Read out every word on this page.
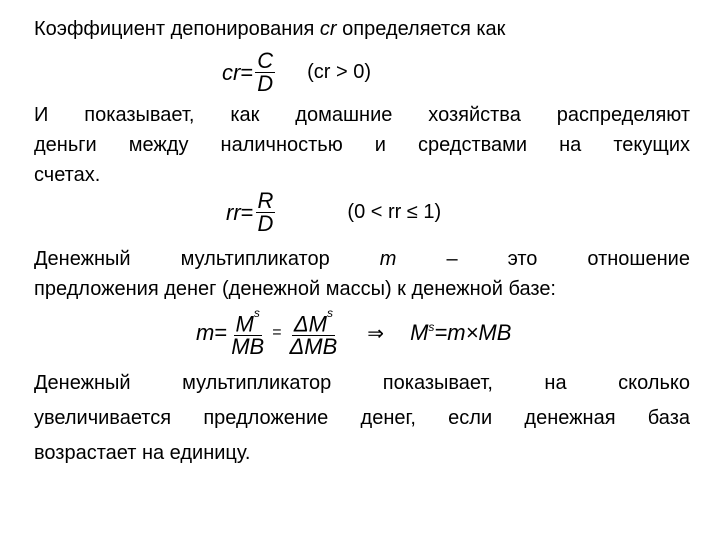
Коэффициент депонирования cr определяется как

cr = $\frac{C}{D} (cr > 0)$
И показывает, как домашние хозяйства распределяют
деньги между наличностью и средствами на текущих
счетах.
rr = $\frac{R}{D}$	(0 < rr ≤ 1)
Денежный	мультипликатор	m	–	это	отношение
предложения денег (денежной массы) к денежной базе:
$m = \frac{M^s}{MB} = \frac{\Delta M^s}{\text{ΔMB}}$ ⇒ M s =m×MB
Денежный мультипликатор показывает, на сколько
увеличивается предложение денег, если денежная база
возрастает на единицу.
